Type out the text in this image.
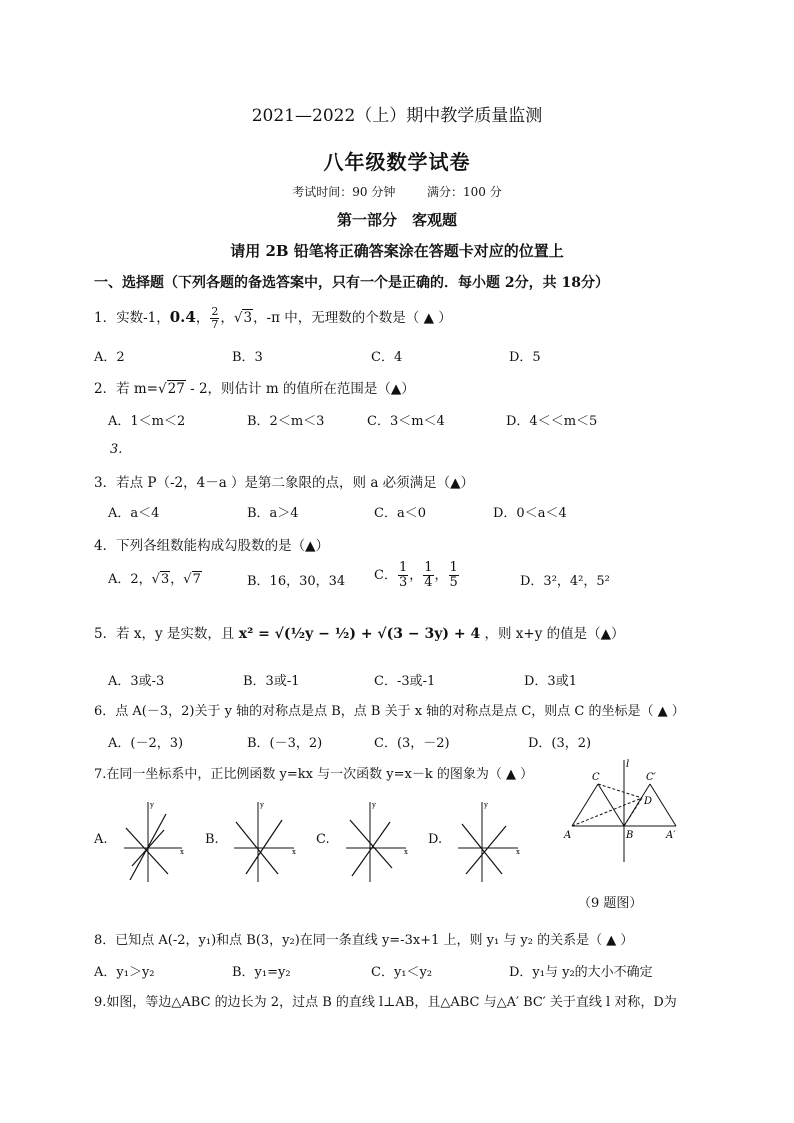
2021—2022（上）期中教学质量监测
八年级数学试卷
考试时间：90 分钟	满分：100 分
第一部分　客观题
请用 2B 铅笔将正确答案涂在答题卡对应的位置上
一、选择题（下列各题的备选答案中，只有一个是正确的．每小题 2分，共 18分）
1．实数-1，0.4， $\frac{2}{7}$ ，√3，-π 中，无理数的个数是（ ▲ ）
A．2	B．3	C．4	D．5
2．若 m=√27 - 2，则估计 m 的值所在范围是（▲）
A．1＜m＜2	B．2＜m＜3	C．3＜m＜4	D．4＜＜m＜5
3.
3．若点 P（-2，4－a ）是第二象限的点，则 a 必须满足（▲）
A．a＜4	B．a＞4	C．a＜0	D．0＜a＜4
4．下列各组数能构成勾股数的是（▲）
A．2，√3，√7	B．16，30，34 C． $\frac{1}{3}$ ， $\frac{1}{4}$ ， $\frac{1}{5}$	D．3²，4²，5²
5．若 x，y 是实数，且 x² = √(½y − ½) + √(3 − 3y) + 4 ，则 x+y 的值是（▲）
A．3或-3	B．3或-1	C．-3或-1	D．3或1
6．点 A(－3，2)关于 y 轴的对称点是点 B，点 B 关于 x 轴的对称点是点 C，则点 C 的坐标是（ ▲ ）
A．(－2，3)	B．(－3，2)	C．(3，－2)	D．(3，2)
7.在同一坐标系中，正比例函数 y=kx 与一次函数 y=x－k 的图象为（ ▲ ）
A.	B.	C.	D.
y
x
y
x
y
x
y
x
C	C′
l
D
A	B	A′
（9 题图）
8．已知点 A(-2，y₁)和点 B(3，y₂)在同一条直线 y=-3x+1 上，则 y₁ 与 y₂ 的关系是（ ▲ ）
A．y₁＞y₂	B．y₁=y₂	C．y₁＜y₂	D．y₁与 y₂的大小不确定
9.如图，等边△ABC 的边长为 2，过点 B 的直线 l⊥AB，且△ABC 与△A′ BC′ 关于直线 l 对称，D为
